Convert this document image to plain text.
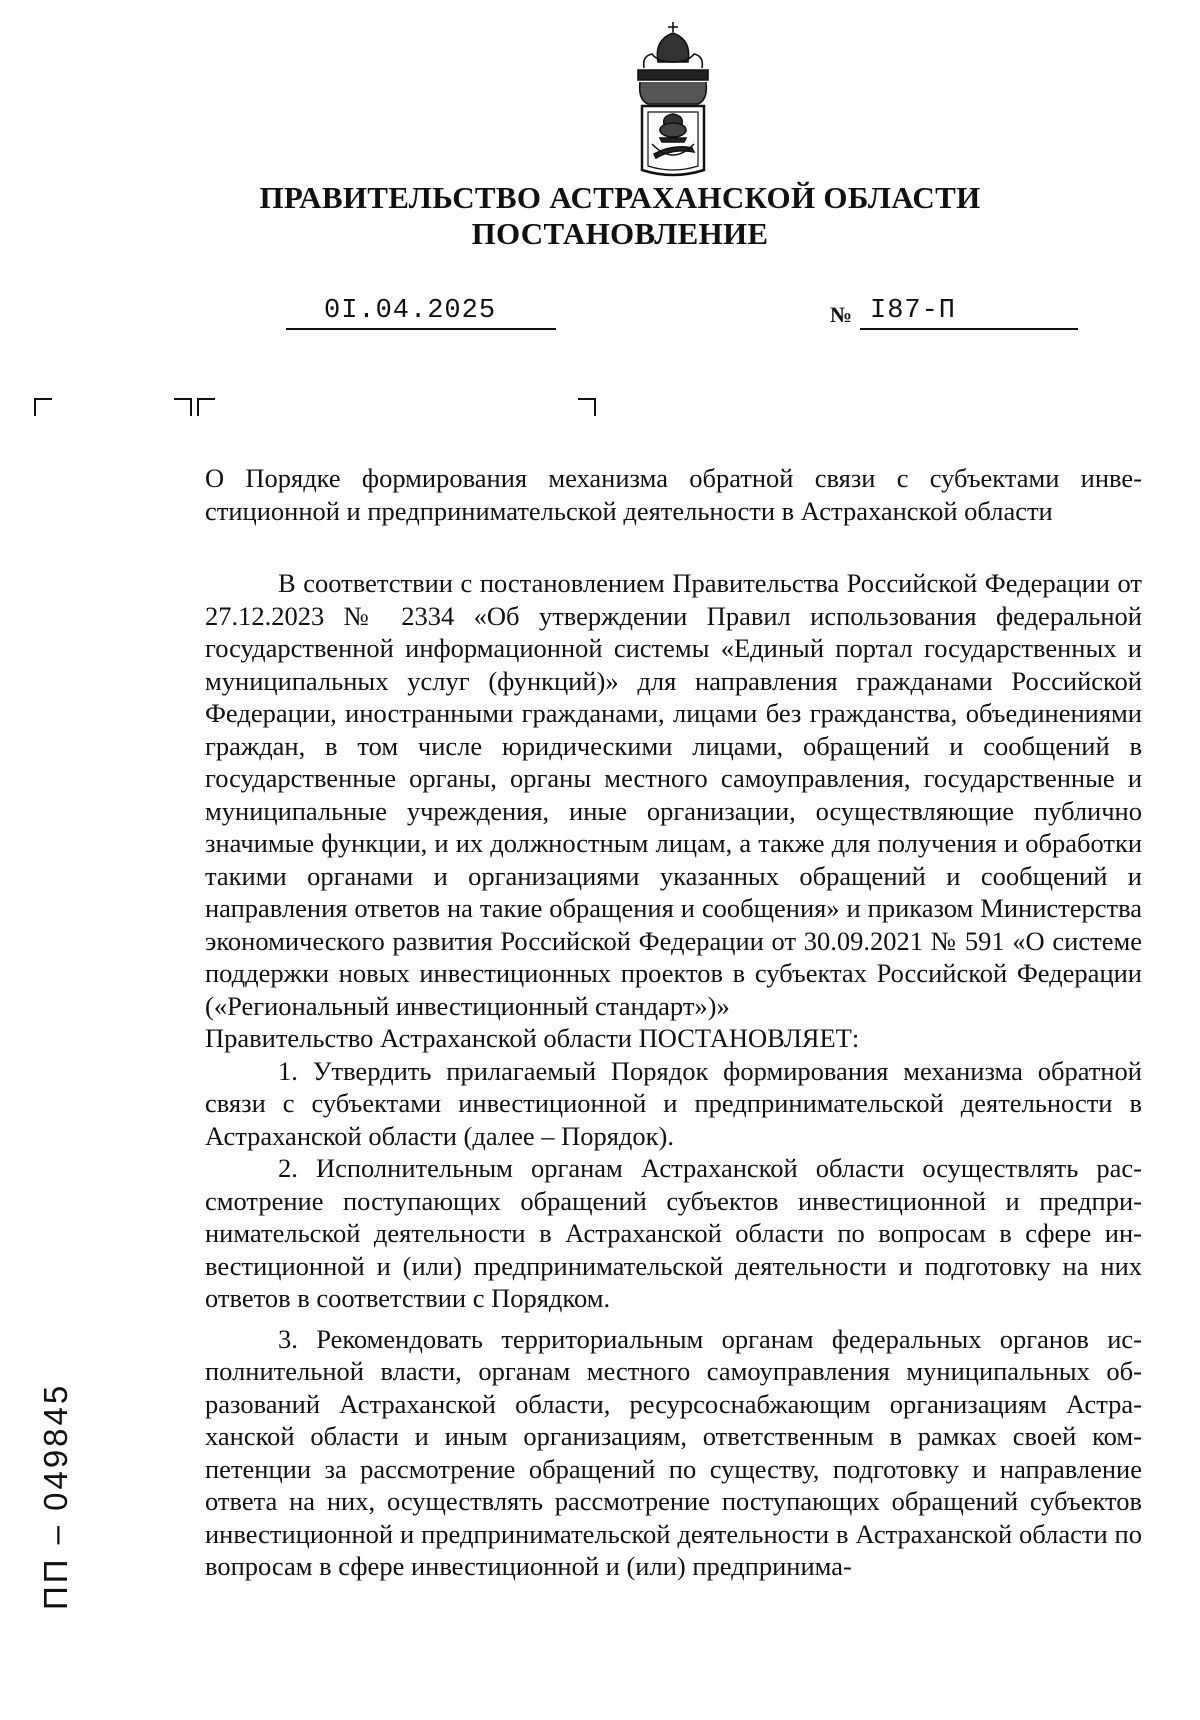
ПРАВИТЕЛЬСТВО АСТРАХАНСКОЙ ОБЛАСТИ
ПОСТАНОВЛЕНИЕ
0I.04.2025	№ I87-П
О Порядке формирования механизма обратной связи с субъектами инвестиционной и предпринимательской деятельности в Астраханской области

В соответствии с постановлением Правительства Российской Федерации от 27.12.2023 № 2334 «Об утверждении Правил использования федеральной государственной информационной системы «Единый портал государственных и муниципальных услуг (функций)» для направления гражданами Российской Федерации, иностранными гражданами, лицами без гражданства, объединениями граждан, в том числе юридическими лицами, обращений и сообщений в государственные органы, органы местного самоуправления, государственные и муниципальные учреждения, иные организации, осуществляющие публично значимые функции, и их должностным лицам, а также для получения и обработки такими органами и организациями указанных обращений и сообщений и направления ответов на такие обращения и сообщения» и приказом Министерства экономического развития Российской Федерации от 30.09.2021 № 591 «О системе поддержки новых инвестиционных проектов в субъектах Российской Федерации («Региональный инвестиционный стандарт»)»

Правительство Астраханской области ПОСТАНОВЛЯЕТ:

1. Утвердить прилагаемый Порядок формирования механизма обратной связи с субъектами инвестиционной и предпринимательской деятельности в Астраханской области (далее – Порядок).

2. Исполнительным органам Астраханской области осуществлять рассмотрение поступающих обращений субъектов инвестиционной и предпринимательской деятельности в Астраханской области по вопросам в сфере инвестиционной и (или) предпринимательской деятельности и подготовку на них ответов в соответствии с Порядком.

3. Рекомендовать территориальным органам федеральных органов исполнительной власти, органам местного самоуправления муниципальных образований Астраханской области, ресурсоснабжающим организациям Астраханской области и иным организациям, ответственным в рамках своей компетенции за рассмотрение обращений по существу, подготовку и направление ответа на них, осуществлять рассмотрение поступающих обращений субъектов инвестиционной и предпринимательской деятельности в Астраханской области по вопросам в сфере инвестиционной и (или) предпринима-

ПП – 049845
